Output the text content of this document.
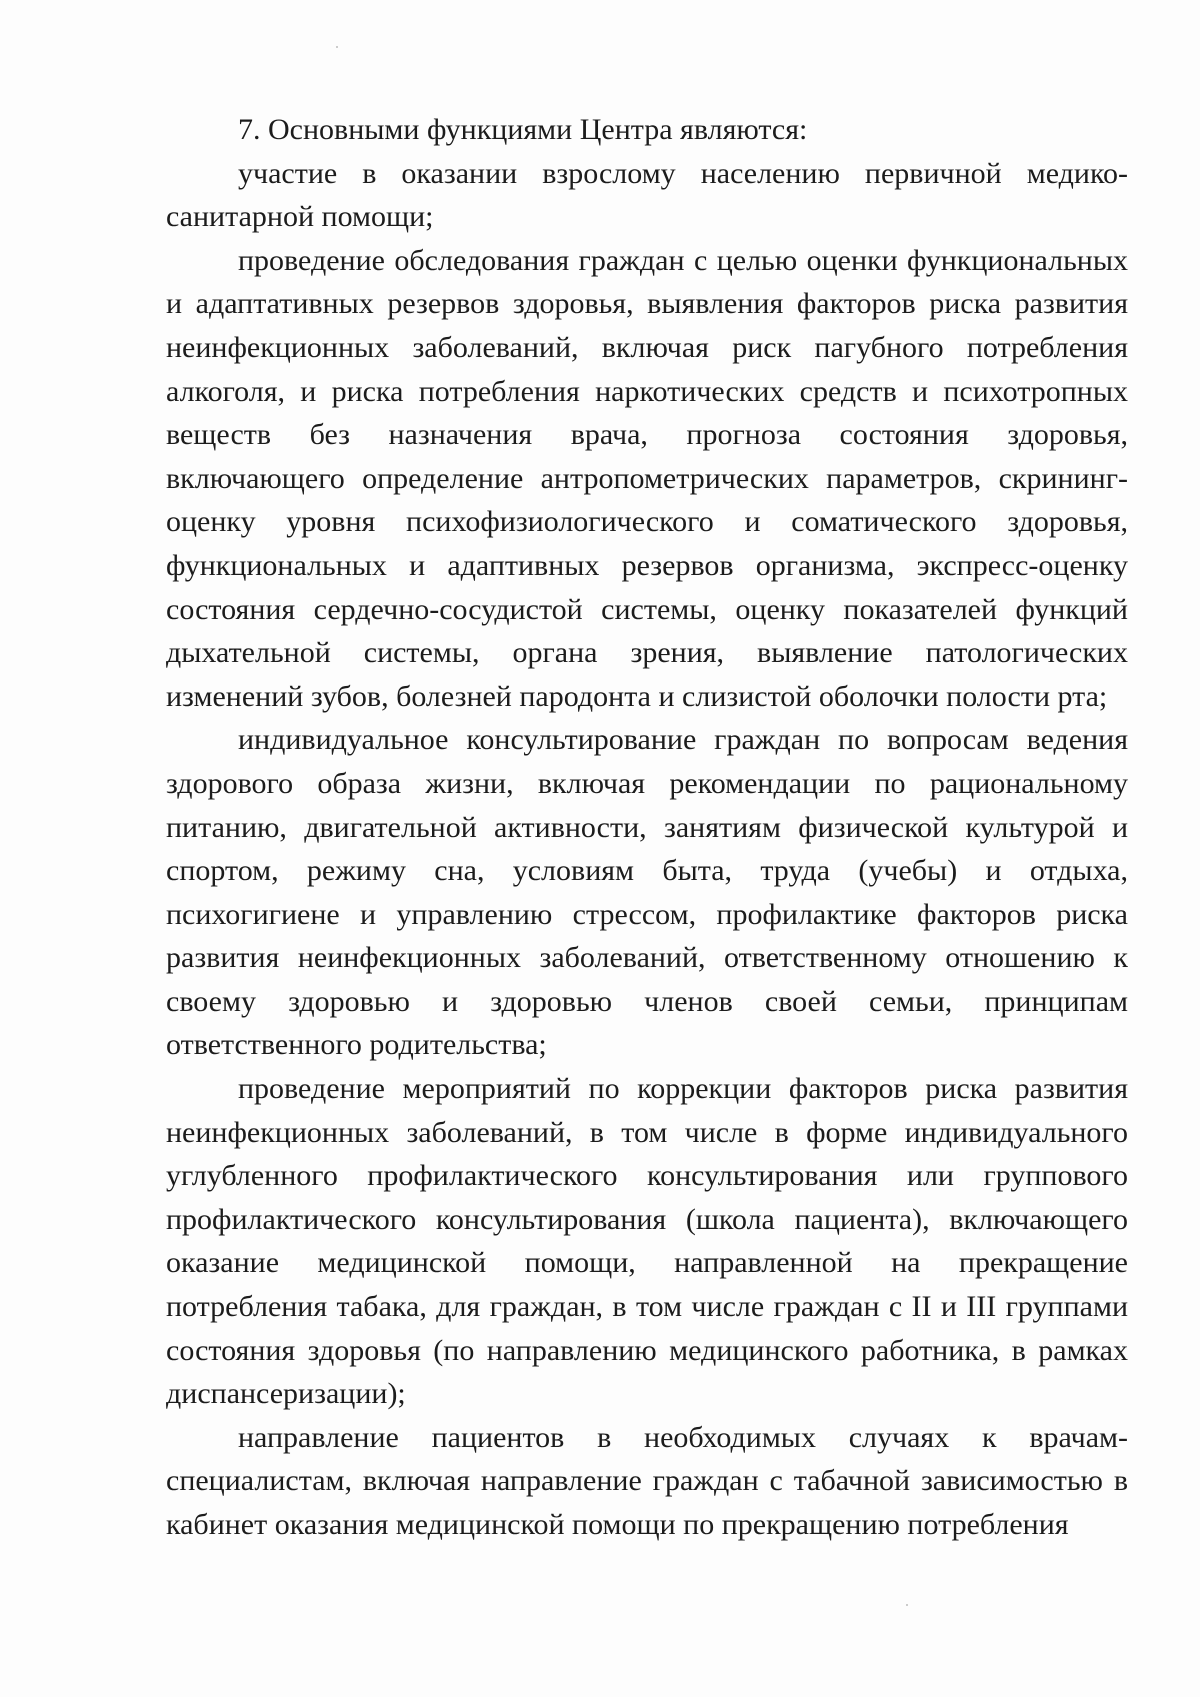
7. Основными функциями Центра являются:

участие в оказании взрослому населению первичной медико-санитарной помощи;

проведение обследования граждан с целью оценки функциональных и адаптативных резервов здоровья, выявления факторов риска развития неинфекционных заболеваний, включая риск пагубного потребления алкоголя, и риска потребления наркотических средств и психотропных веществ без назначения врача, прогноза состояния здоровья, включающего определение антропометрических параметров, скрининг-оценку уровня психофизиологического и соматического здоровья, функциональных и адаптивных резервов организма, экспресс-оценку состояния сердечно-сосудистой системы, оценку показателей функций дыхательной системы, органа зрения, выявление патологических изменений зубов, болезней пародонта и слизистой оболочки полости рта;

индивидуальное консультирование граждан по вопросам ведения здорового образа жизни, включая рекомендации по рациональному питанию, двигательной активности, занятиям физической культурой и спортом, режиму сна, условиям быта, труда (учебы) и отдыха, психогигиене и управлению стрессом, профилактике факторов риска развития неинфекционных заболеваний, ответственному отношению к своему здоровью и здоровью членов своей семьи, принципам ответственного родительства;

проведение мероприятий по коррекции факторов риска развития неинфекционных заболеваний, в том числе в форме индивидуального углубленного профилактического консультирования или группового профилактического консультирования (школа пациента), включающего оказание медицинской помощи, направленной на прекращение потребления табака, для граждан, в том числе граждан с II и III группами состояния здоровья (по направлению медицинского работника, в рамках диспансеризации);

направление пациентов в необходимых случаях к врачам-специалистам, включая направление граждан с табачной зависимостью в кабинет оказания медицинской помощи по прекращению потребления
